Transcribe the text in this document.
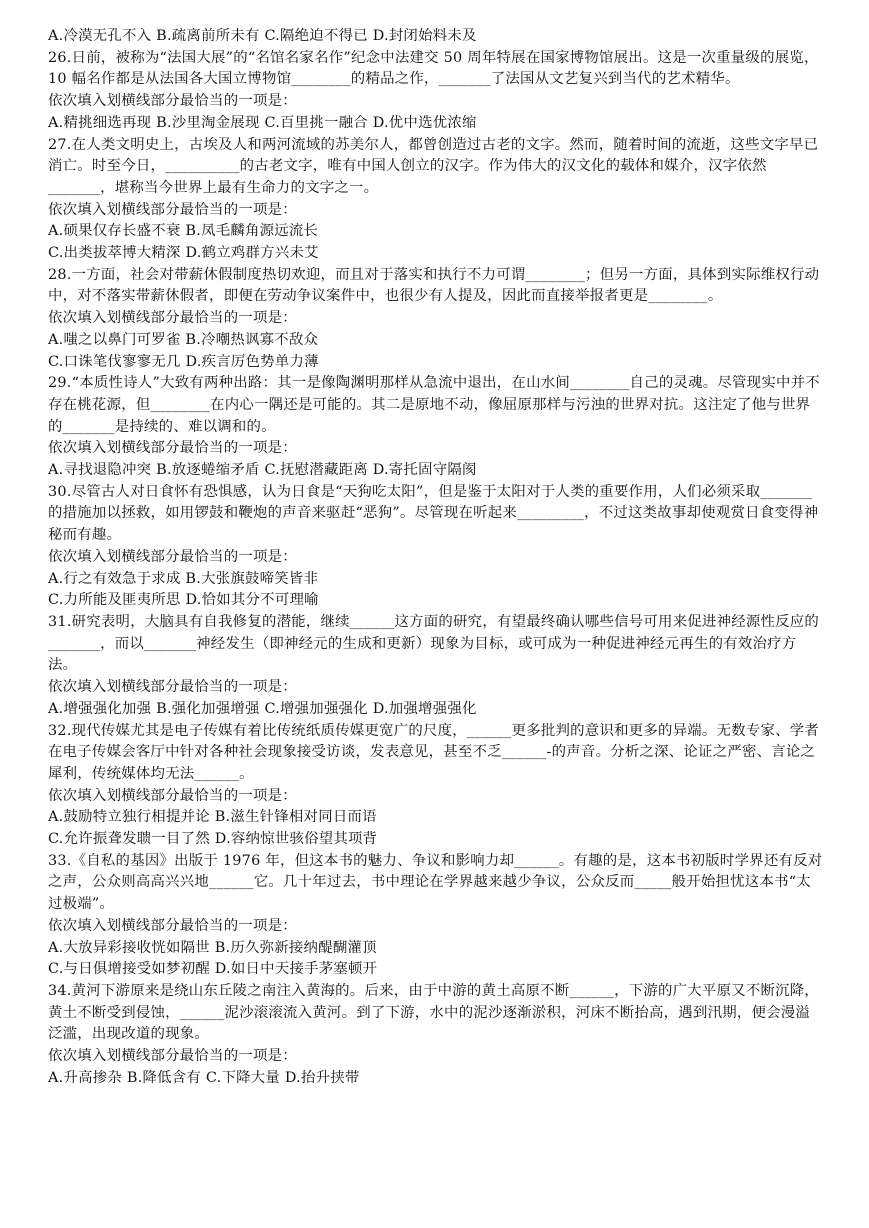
A.冷漠无孔不入 B.疏离前所未有 C.隔绝迫不得已 D.封闭始料未及
26.日前，被称为“法国大展”的“名馆名家名作”纪念中法建交 50 周年特展在国家博物馆展出。这是一次重量级的展览，10 幅名作都是从法国各大国立博物馆________的精品之作，_______了法国从文艺复兴到当代的艺术精华。
依次填入划横线部分最恰当的一项是：
A.精挑细选再现 B.沙里淘金展现 C.百里挑一融合 D.优中选优浓缩
27.在人类文明史上，古埃及人和两河流域的苏美尔人，都曾创造过古老的文字。然而，随着时间的流逝，这些文字早已消亡。时至今日，__________的古老文字，唯有中国人创立的汉字。作为伟大的汉文化的载体和媒介，汉字依然_______，堪称当今世界上最有生命力的文字之一。
依次填入划横线部分最恰当的一项是：
A.硕果仅存长盛不衰 B.凤毛麟角源远流长
C.出类拔萃博大精深 D.鹤立鸡群方兴未艾
28.一方面，社会对带薪休假制度热切欢迎，而且对于落实和执行不力可谓________；但另一方面，具体到实际维权行动中，对不落实带薪休假者，即便在劳动争议案件中，也很少有人提及，因此而直接举报者更是________。
依次填入划横线部分最恰当的一项是：
A.嗤之以鼻门可罗雀 B.冷嘲热讽寡不敌众
C.口诛笔伐寥寥无几 D.疾言厉色势单力薄
29.“本质性诗人”大致有两种出路：其一是像陶渊明那样从急流中退出，在山水间________自己的灵魂。尽管现实中并不存在桃花源，但________在内心一隅还是可能的。其二是原地不动，像屈原那样与污浊的世界对抗。这注定了他与世界的_______是持续的、难以调和的。
依次填入划横线部分最恰当的一项是：
A.寻找退隐冲突 B.放逐蜷缩矛盾 C.抚慰潜藏距离 D.寄托固守隔阂
30.尽管古人对日食怀有恐惧感，认为日食是“天狗吃太阳”，但是鉴于太阳对于人类的重要作用，人们必须采取_______的措施加以拯救，如用锣鼓和鞭炮的声音来驱赶“恶狗”。尽管现在听起来_________，不过这类故事却使观赏日食变得神秘而有趣。
依次填入划横线部分最恰当的一项是：
A.行之有效急于求成 B.大张旗鼓啼笑皆非
C.力所能及匪夷所思 D.恰如其分不可理喻
31.研究表明，大脑具有自我修复的潜能，继续______这方面的研究，有望最终确认哪些信号可用来促进神经源性反应的_______，而以_______神经发生（即神经元的生成和更新）现象为目标，或可成为一种促进神经元再生的有效治疗方法。
依次填入划横线部分最恰当的一项是：
A.增强强化加强 B.强化加强增强 C.增强加强强化 D.加强增强强化
32.现代传媒尤其是电子传媒有着比传统纸质传媒更宽广的尺度，______更多批判的意识和更多的异端。无数专家、学者在电子传媒会客厅中针对各种社会现象接受访谈，发表意见，甚至不乏______-的声音。分析之深、论证之严密、言论之犀利，传统媒体均无法______。
依次填入划横线部分最恰当的一项是：
A.鼓励特立独行相提并论 B.滋生针锋相对同日而语
C.允许振聋发聩一目了然 D.容纳惊世骇俗望其项背
33.《自私的基因》出版于 1976 年，但这本书的魅力、争议和影响力却______。有趣的是，这本书初版时学界还有反对之声，公众则高高兴兴地______它。几十年过去，书中理论在学界越来越少争议，公众反而_____般开始担忧这本书“太过极端”。
依次填入划横线部分最恰当的一项是：
A.大放异彩接收恍如隔世 B.历久弥新接纳醍醐灌顶
C.与日俱增接受如梦初醒 D.如日中天接手茅塞顿开
34.黄河下游原来是绕山东丘陵之南注入黄海的。后来，由于中游的黄土高原不断______，下游的广大平原又不断沉降，黄土不断受到侵蚀，______泥沙滚滚流入黄河。到了下游，水中的泥沙逐渐淤积，河床不断抬高，遇到汛期，便会漫溢泛滥，出现改道的现象。
依次填入划横线部分最恰当的一项是：
A.升高掺杂 B.降低含有 C.下降大量 D.抬升挟带
